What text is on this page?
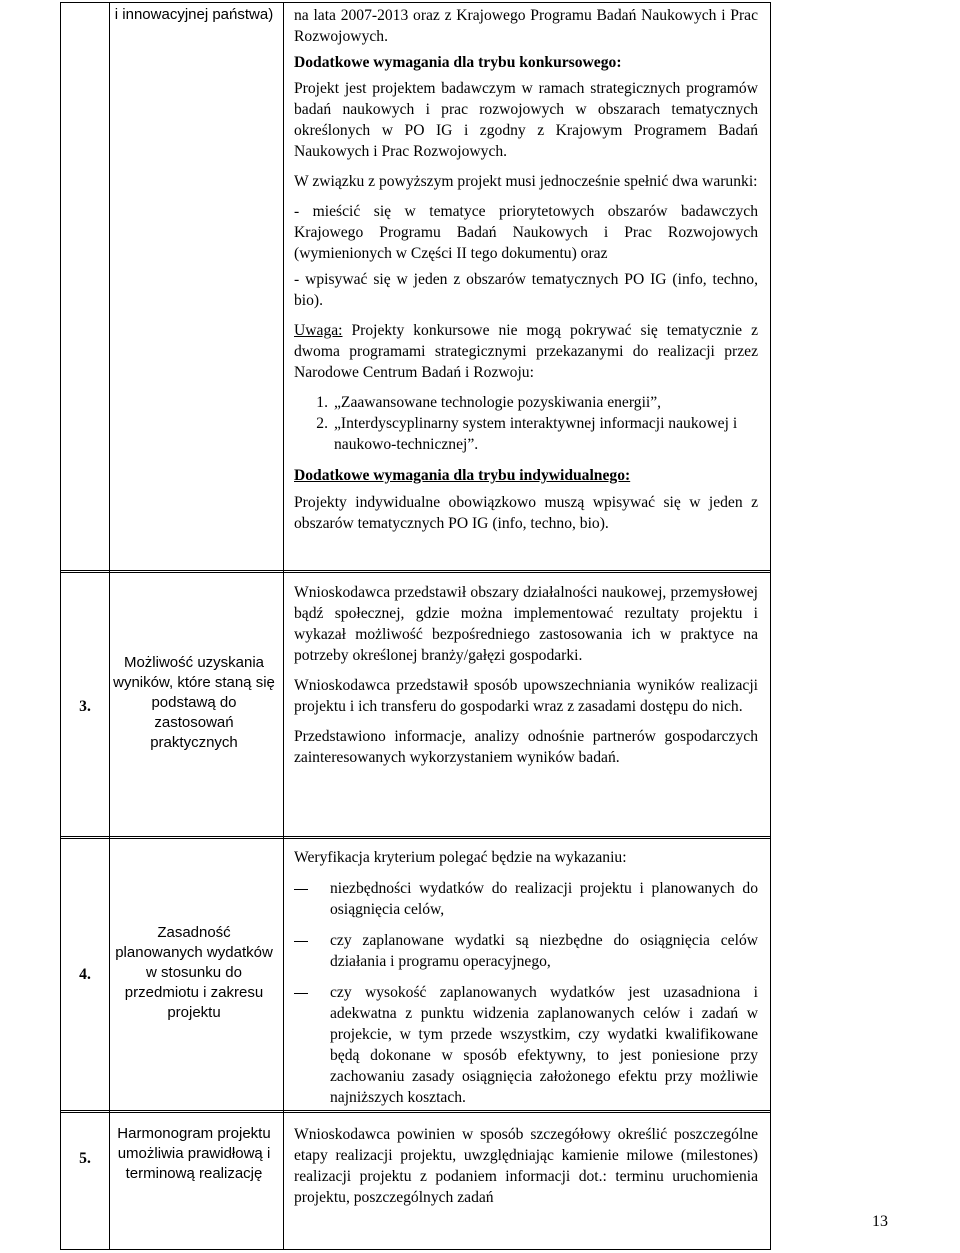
i innowacyjnej państwa) na lata 2007-2013 oraz z Krajowego Programu Badań Naukowych i Prac Rozwojowych.

Dodatkowe wymagania dla trybu konkursowego:

Projekt jest projektem badawczym w ramach strategicznych programów badań naukowych i prac rozwojowych w obszarach tematycznych określonych w PO IG i zgodny z Krajowym Programem Badań Naukowych i Prac Rozwojowych.

W związku z powyższym projekt musi jednocześnie spełnić dwa warunki:

- mieścić się w tematyce priorytetowych obszarów badawczych Krajowego Programu Badań Naukowych i Prac Rozwojowych (wymienionych w Części II tego dokumentu) oraz

- wpisywać się w jeden z obszarów tematycznych PO IG (info, techno, bio).

Uwaga: Projekty konkursowe nie mogą pokrywać się tematycznie z dwoma programami strategicznymi przekazanymi do realizacji przez Narodowe Centrum Badań i Rozwoju:

1. „Zaawansowane technologie pozyskiwania energii”,
2. „Interdyscyplinarny system interaktywnej informacji naukowej i naukowo-technicznej”.

Dodatkowe wymagania dla trybu indywidualnego:

Projekty indywidualne obowiązkowo muszą wpisywać się w jeden z obszarów tematycznych PO IG (info, techno, bio).

3.
Możliwość uzyskania wyników, które staną się podstawą do zastosowań praktycznych

Wnioskodawca przedstawił obszary działalności naukowej, przemysłowej bądź społecznej, gdzie można implementować rezultaty projektu i wykazał możliwość bezpośredniego zastosowania ich w praktyce na potrzeby określonej branży/gałęzi gospodarki.

Wnioskodawca przedstawił sposób upowszechniania wyników realizacji projektu i ich transferu do gospodarki wraz z zasadami dostępu do nich.

Przedstawiono informacje, analizy odnośnie partnerów gospodarczych zainteresowanych wykorzystaniem wyników badań.

4.
Zasadność planowanych wydatków w stosunku do przedmiotu i zakresu projektu

Weryfikacja kryterium polegać będzie na wykazaniu:

niezbędności wydatków do realizacji projektu i planowanych do osiągnięcia celów,
czy zaplanowane wydatki są niezbędne do osiągnięcia celów działania i programu operacyjnego,
czy wysokość zaplanowanych wydatków jest uzasadniona i adekwatna z punktu widzenia zaplanowanych celów i zadań w projekcie, w tym przede wszystkim, czy wydatki kwalifikowane będą dokonane w sposób efektywny, to jest poniesione przy zachowaniu zasady osiągnięcia założonego efektu przy możliwie najniższych kosztach.
5.
Harmonogram projektu umożliwia prawidłową i terminową realizację

Wnioskodawca powinien w sposób szczegółowy określić poszczególne etapy realizacji projektu, uwzględniając kamienie milowe (milestones) realizacji projektu z podaniem informacji dot.: terminu uruchomienia projektu, poszczególnych zadań

13
